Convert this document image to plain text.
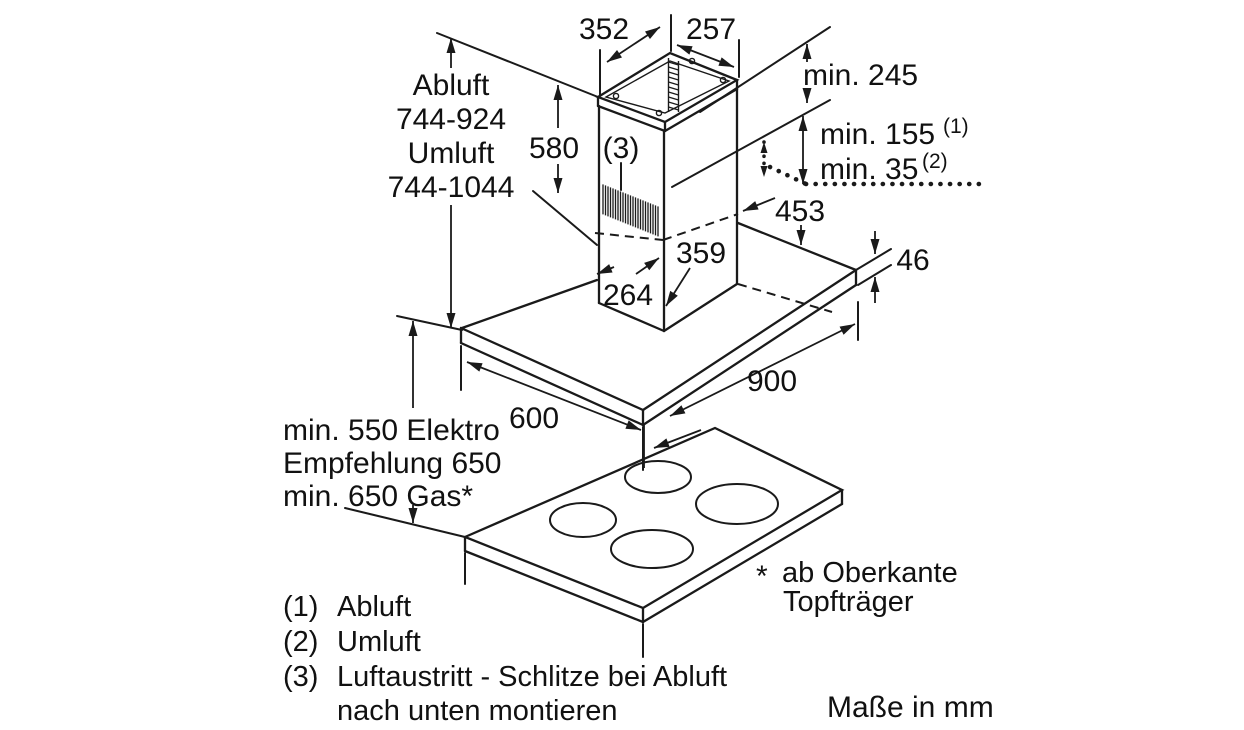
352 257
min. 245
min. 155 (1)
min. 35 (2)
580
453
359
264
46
600
900
(3)
Abluft
744-924
Umluft
744-1044
min. 550 Elektro
Empfehlung 650
min. 650 Gas*
(1) Abluft
(2) Umluft
(3) Luftaustritt - Schlitze bei Abluft
nach unten montieren
* ab Oberkante
Topfträger
Maße in mm
